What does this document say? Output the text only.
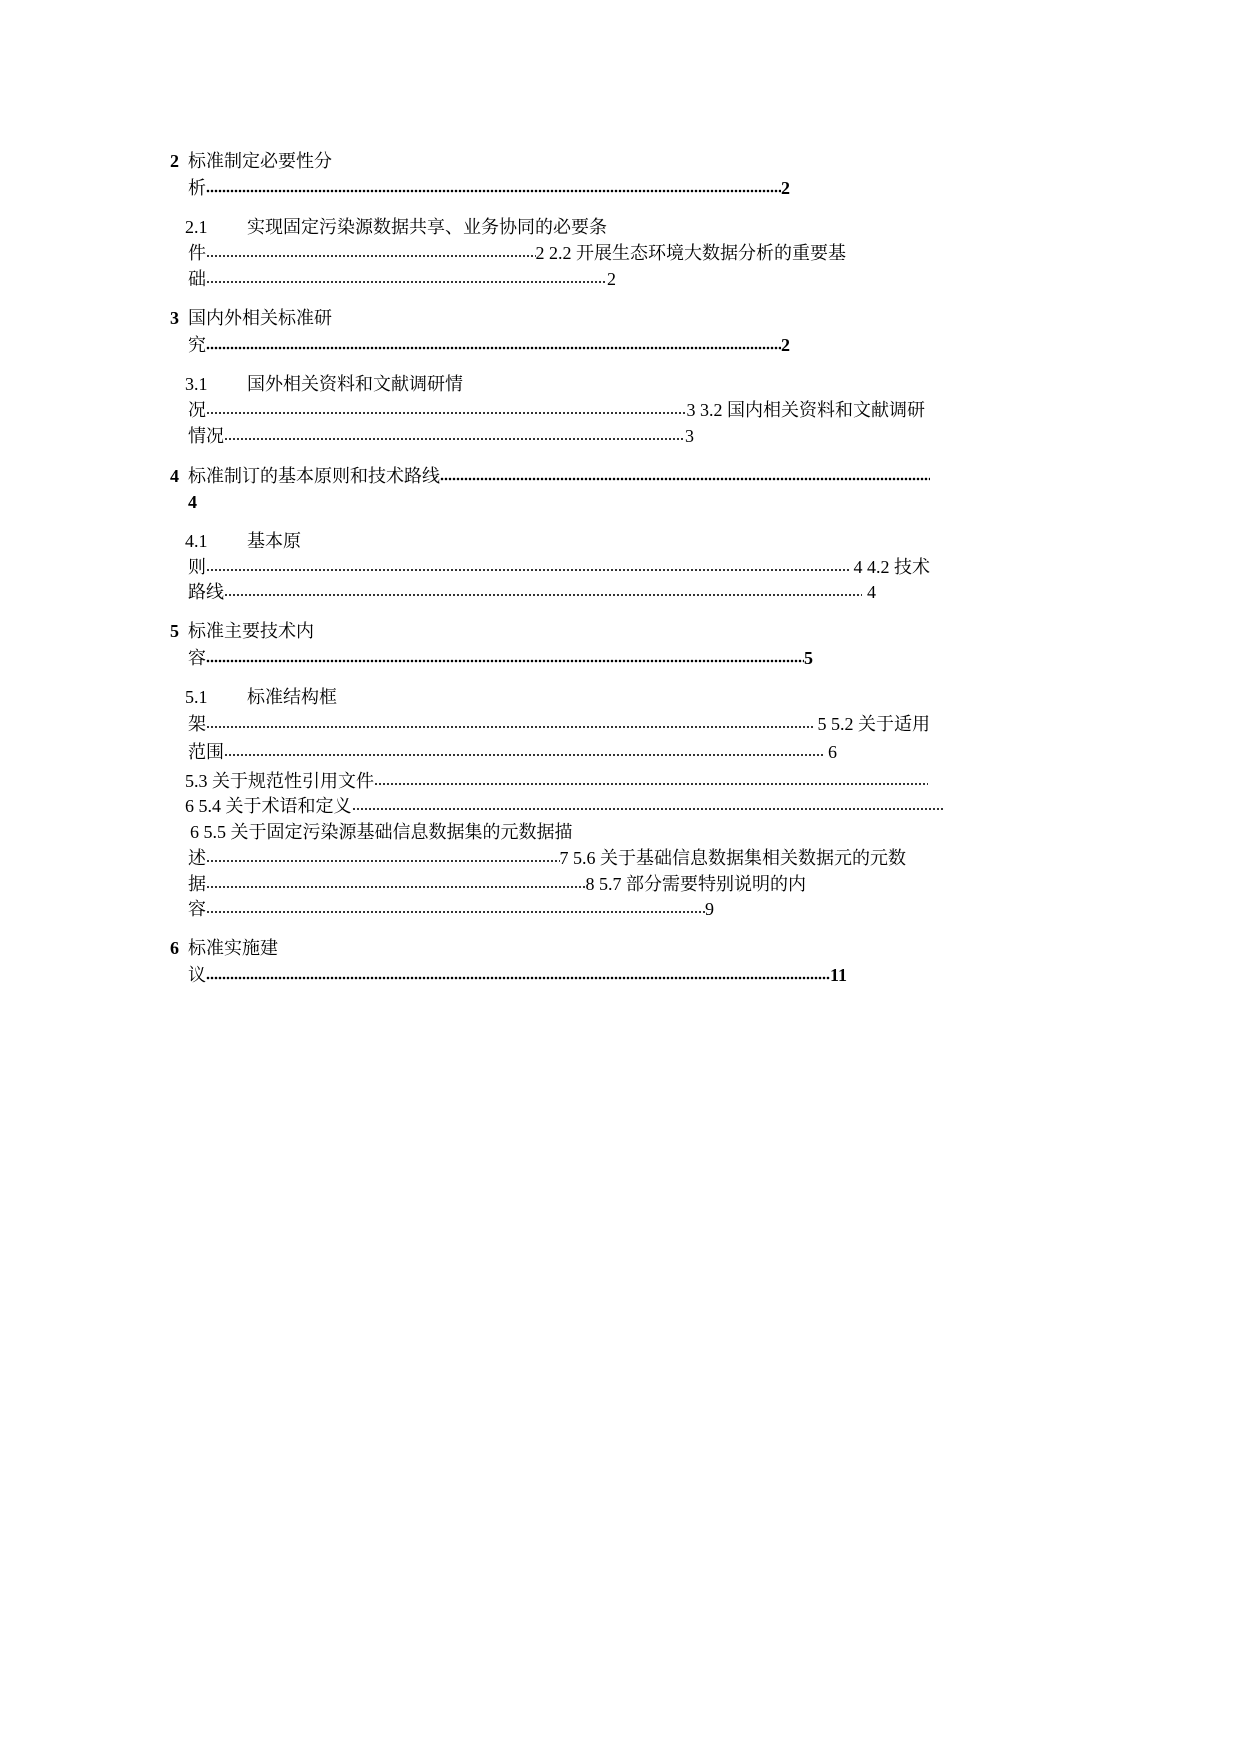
2 标准制定必要性分
析	2
2.1	实现固定污染源数据共享、业务协同的必要条
件	2 2.2 开展生态环境大数据分析的重要基
础	2
3 国内外相关标准研
究	2
3.1	国外相关资料和文献调研情
况	3 3.2 国内相关资料和文献调研
情况	3
4 标准制订的基本原则和技术路线
4
4.1	基本原
则	4 4.2 技术
路线	4
5 标准主要技术内
容	5
5.1	标准结构框
架	5 5.2 关于适用
范围	6
5.3 关于规范性引用文件
6 5.4 关于术语和定义
6 5.5 关于固定污染源基础信息数据集的元数据描
述	7 5.6 关于基础信息数据集相关数据元的元数
据	8 5.7 部分需要特别说明的内
容	9
6 标准实施建
议	11
